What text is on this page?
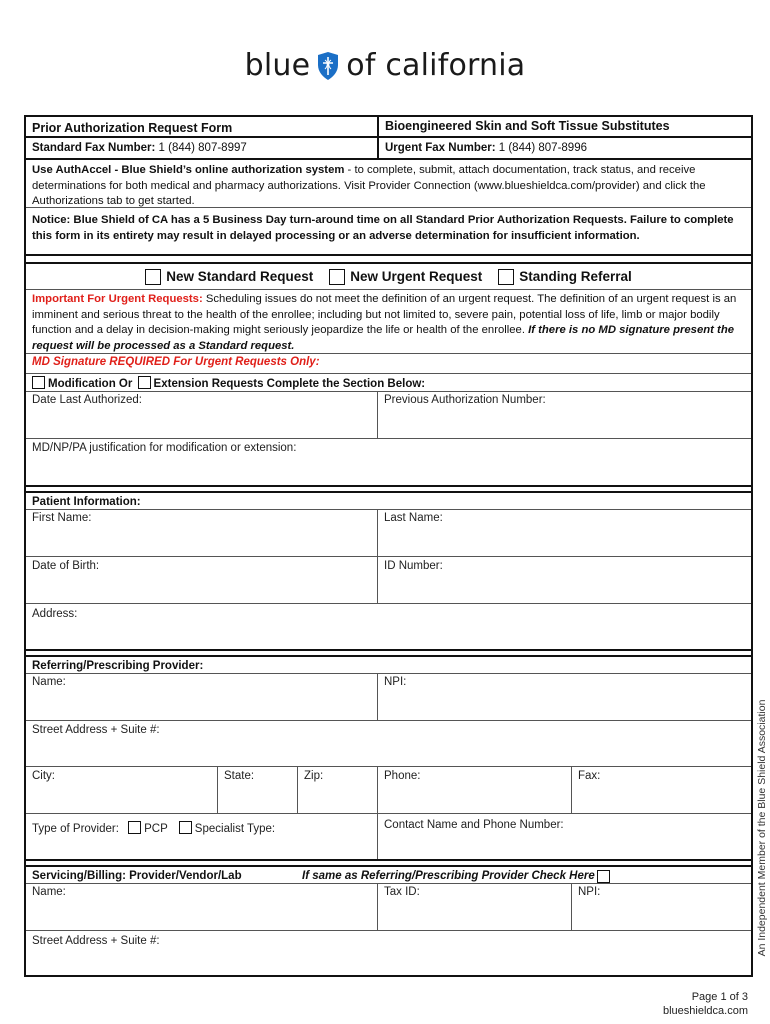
blue of california
Prior Authorization Request Form	Bioengineered Skin and Soft Tissue Substitutes
Standard Fax Number: 1 (844) 807-8997	Urgent Fax Number: 1 (844) 807-8996
Use AuthAccel - Blue Shield’s online authorization system - to complete, submit, attach documentation, track status, and receive determinations for both medical and pharmacy authorizations. Visit Provider Connection (www.blueshieldca.com/provider) and click the Authorizations tab to get started.
Notice: Blue Shield of CA has a 5 Business Day turn-around time on all Standard Prior Authorization Requests. Failure to complete this form in its entirety may result in delayed processing or an adverse determination for insufficient information.
New Standard Request	New Urgent Request	Standing Referral
Important For Urgent Requests: Scheduling issues do not meet the definition of an urgent request. The definition of an urgent request is an imminent and serious threat to the health of the enrollee; including but not limited to, severe pain, potential loss of life, limb or major bodily function and a delay in decision-making might seriously jeopardize the life or health of the enrollee. If there is no MD signature present the request will be processed as a Standard request.
MD Signature REQUIRED For Urgent Requests Only:
Modification Or Extension Requests Complete the Section Below:
Date Last Authorized:	Previous Authorization Number:
MD/NP/PA justification for modification or extension:
Patient Information:
First Name:	Last Name:
Date of Birth:	ID Number:
Address:
Referring/Prescribing Provider:
Name:	NPI:
Street Address + Suite #:
City:	State:	Zip:	Phone:	Fax:
Type of Provider: PCP Specialist Type:	Contact Name and Phone Number:
Servicing/Billing: Provider/Vendor/Lab	If same as Referring/Prescribing Provider Check Here
Name:	Tax ID:	NPI:
Street Address + Suite #:	An Independent Member of the Blue Shield Association
Page 1 of 3
blueshieldca.com
